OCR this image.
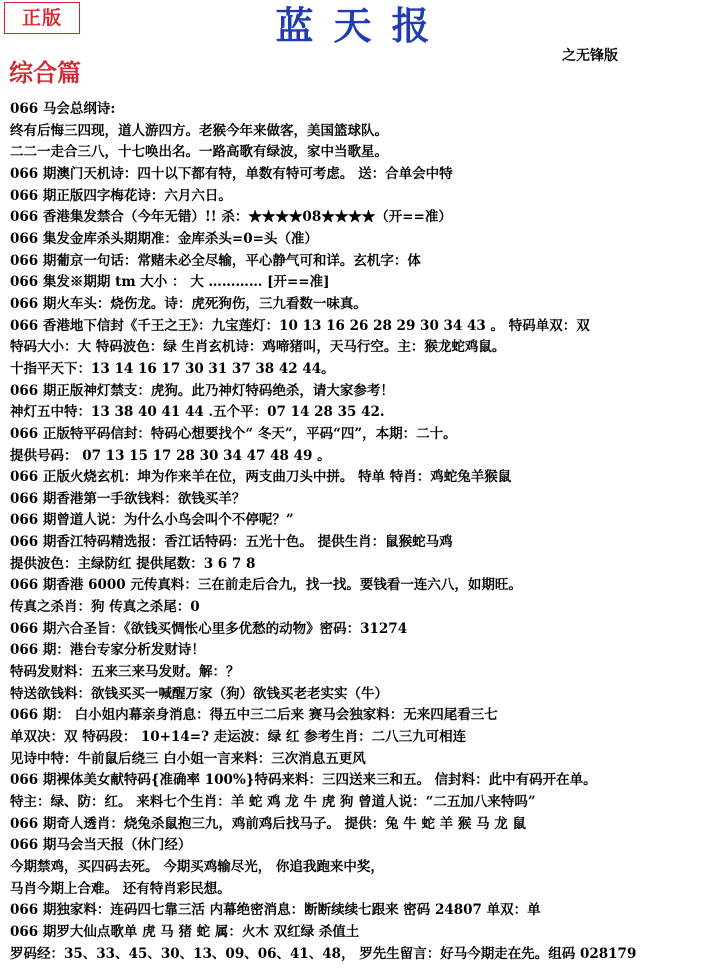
正版	蓝天报
之无锋版
综合篇
066 马会总纲诗:
终有后悔三四现，道人游四方。老猴今年来做客，美国篮球队。
二二一走合三八，十七唤出名。一路高歌有绿波，家中当歌星。
066 期澳门天机诗：四十以下都有特，单数有特可考虑。 送：合单会中特
066 期正版四字梅花诗：六月六日。
066 香港集发禁合（今年无错）!! 杀：★★★★08★★★★（开==准）
066 集发金库杀头期期准：金库杀头=0=头（准）
066 期葡京一句话：常赌未必全尽输，平心静气可和详。玄机字：体
066 集发※期期 tm 大小 ： 大 ………… [开==准]
066 期火车头：烧伤龙。诗：虎死狗伤，三九看数一味真。
066 香港地下信封《千王之王》：九宝莲灯：10 13 16 26 28 29 30 34 43 。 特码单双：双
特码大小：大 特码波色：绿 生肖玄机诗：鸡啼猪叫，天马行空。主：猴龙蛇鸡鼠。
十指平天下：13 14 16 17 30 31 37 38 42 44。
066 期正版神灯禁支：虎狗。此乃神灯特码绝杀，请大家参考！
神灯五中特：13 38 40 41 44 .五个平：07 14 28 35 42.
066 正版特平码信封：特码心想要找个“ 冬天”，平码“四”，本期：二十。
提供号码： 07 13 15 17 28 30 34 47 48 49 。
066 正版火烧玄机：坤为作来羊在位，两支曲刀头中拼。 特单 特肖：鸡蛇兔羊猴鼠
066 期香港第一手欲钱料：欲钱买羊？
066 期曾道人说：为什么小鸟会叫个不停呢？”
066 期香江特码精选报：香江话特码：五光十色。 提供生肖：鼠猴蛇马鸡
提供波色：主绿防红 提供尾数：3 6 7 8
066 期香港 6000 元传真料：三在前走后合九，找一找。要钱看一连六八，如期旺。
传真之杀肖：狗 传真之杀尾：0
066 期六合圣旨：《欲钱买惆怅心里多优愁的动物》密码：31274
066 期：港台专家分析发财诗！
特码发财料：五来三来马发财。解：？
特送欲钱料：欲钱买买一喊醒万家（狗）欲钱买老老实实（牛）
066 期： 白小姐内幕亲身消息：得五中三二后来 赛马会独家料：无来四尾看三七
单双决：双 特码段： 10+14=? 走运波：绿 红 参考生肖：二八三九可相连
见诗中特：牛前鼠后绕三 白小姐一言来料：三次消息五更风
066 期裸体美女献特码{准确率 100%}特码来料：三四送来三和五。 信封料：此中有码开在单。
特主：绿、防：红。 来料七个生肖：羊 蛇 鸡 龙 牛 虎 狗 曾道人说：“二五加八来特吗”
066 期奇人透肖：烧兔杀鼠抱三九，鸡前鸡后找马子。 提供：兔 牛 蛇 羊 猴 马 龙 鼠
066 期马会当天报（休门经）
今期禁鸡，买四码去死。 今期买鸡输尽光， 你追我跑来中奖，
马肖今期上合难。 还有特肖彩民想。
066 期独家料：连码四七靠三活 内幕绝密消息：断断续续七跟来 密码 24807 单双：单
066 期罗大仙点歌单 虎 马 猪 蛇 属：火木 双红绿 杀值土
罗码经：35、33、45、30、13、09、06、41、48， 罗先生留言：好马今期走在先。组码 028179
